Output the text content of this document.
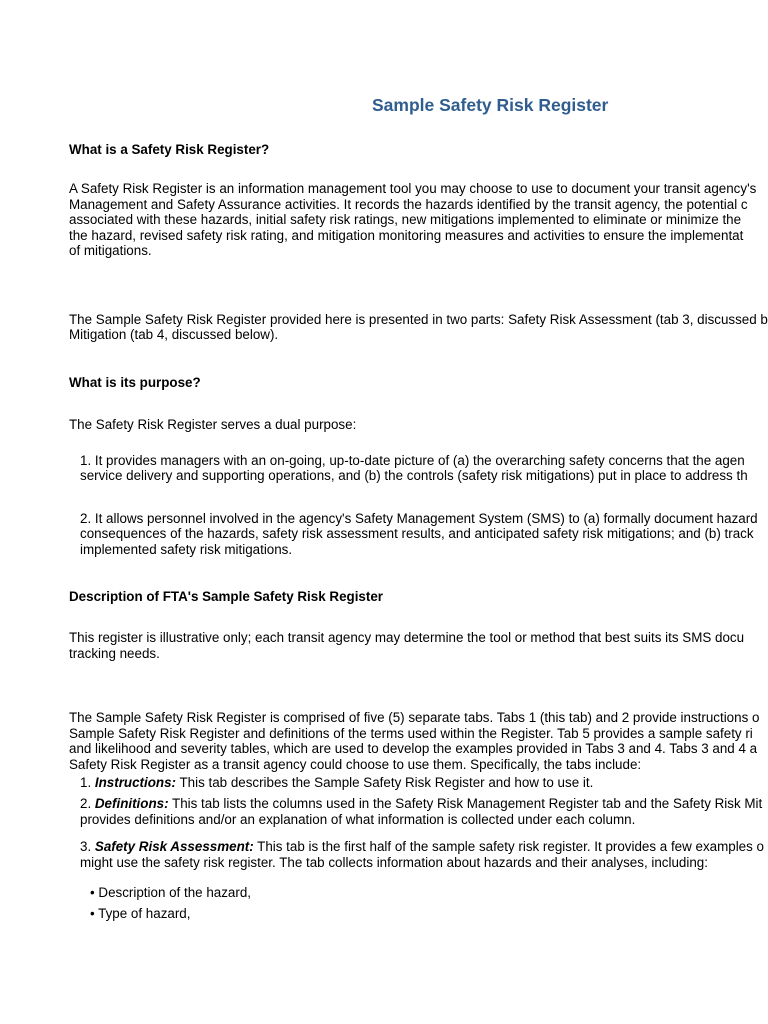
Sample Safety Risk Register
What is a Safety Risk Register?
A Safety Risk Register is an information management tool you may choose to use to document your transit agency's
Management and Safety Assurance activities. It records the hazards identified by the transit agency, the potential c
associated with these hazards, initial safety risk ratings, new mitigations implemented to eliminate or minimize the
the hazard, revised safety risk rating, and mitigation monitoring measures and activities to ensure the implementat
of mitigations.
The Sample Safety Risk Register provided here is presented in two parts: Safety Risk Assessment (tab 3, discussed b
Mitigation (tab 4, discussed below).
What is its purpose?
The Safety Risk Register serves a dual purpose:
1. It provides managers with an on-going, up-to-date picture of (a) the overarching safety concerns that the agen
service delivery and supporting operations, and (b) the controls (safety risk mitigations) put in place to address th
2. It allows personnel involved in the agency's Safety Management System (SMS) to (a) formally document hazard
consequences of the hazards, safety risk assessment results, and anticipated safety risk mitigations; and (b) track
implemented safety risk mitigations.
Description of FTA's Sample Safety Risk Register
This register is illustrative only; each transit agency may determine the tool or method that best suits its SMS docu
tracking needs.
The Sample Safety Risk Register is comprised of five (5) separate tabs. Tabs 1 (this tab) and 2 provide instructions o
Sample Safety Risk Register and definitions of the terms used within the Register. Tab 5 provides a sample safety ri
and likelihood and severity tables, which are used to develop the examples provided in Tabs 3 and 4. Tabs 3 and 4 a
Safety Risk Register as a transit agency could choose to use them. Specifically, the tabs include:
1. Instructions: This tab describes the Sample Safety Risk Register and how to use it.
2. Definitions: This tab lists the columns used in the Safety Risk Management Register tab and the Safety Risk Mit
provides definitions and/or an explanation of what information is collected under each column.
3. Safety Risk Assessment: This tab is the first half of the sample safety risk register. It provides a few examples o
might use the safety risk register. The tab collects information about hazards and their analyses, including:
• Description of the hazard,
• Type of hazard,
